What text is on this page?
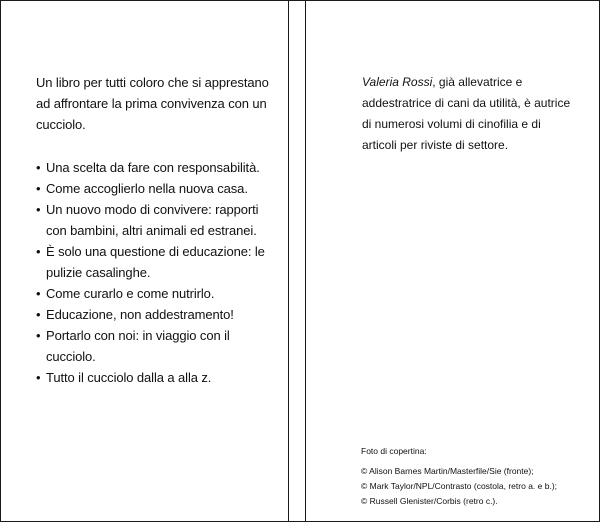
Un libro per tutti coloro che si apprestano ad affrontare la prima convivenza con un cucciolo.

• Una scelta da fare con responsabilità.
• Come accoglierlo nella nuova casa.
• Un nuovo modo di convivere: rapporti con bambini, altri animali ed estranei.
• È solo una questione di educazione: le pulizie casalinghe.
• Come curarlo e come nutrirlo.
• Educazione, non addestramento!
• Portarlo con noi: in viaggio con il cucciolo.
• Tutto il cucciolo dalla a alla z.
Valeria Rossi, già allevatrice e addestratrice di cani da utilità, è autrice di numerosi volumi di cinofilia e di articoli per riviste di settore.
Foto di copertina:
© Alison Barnes Martin/Masterfile/Sie (fronte);
© Mark Taylor/NPL/Contrasto (costola, retro a. e b.);
© Russell Glenister/Corbis (retro c.).
